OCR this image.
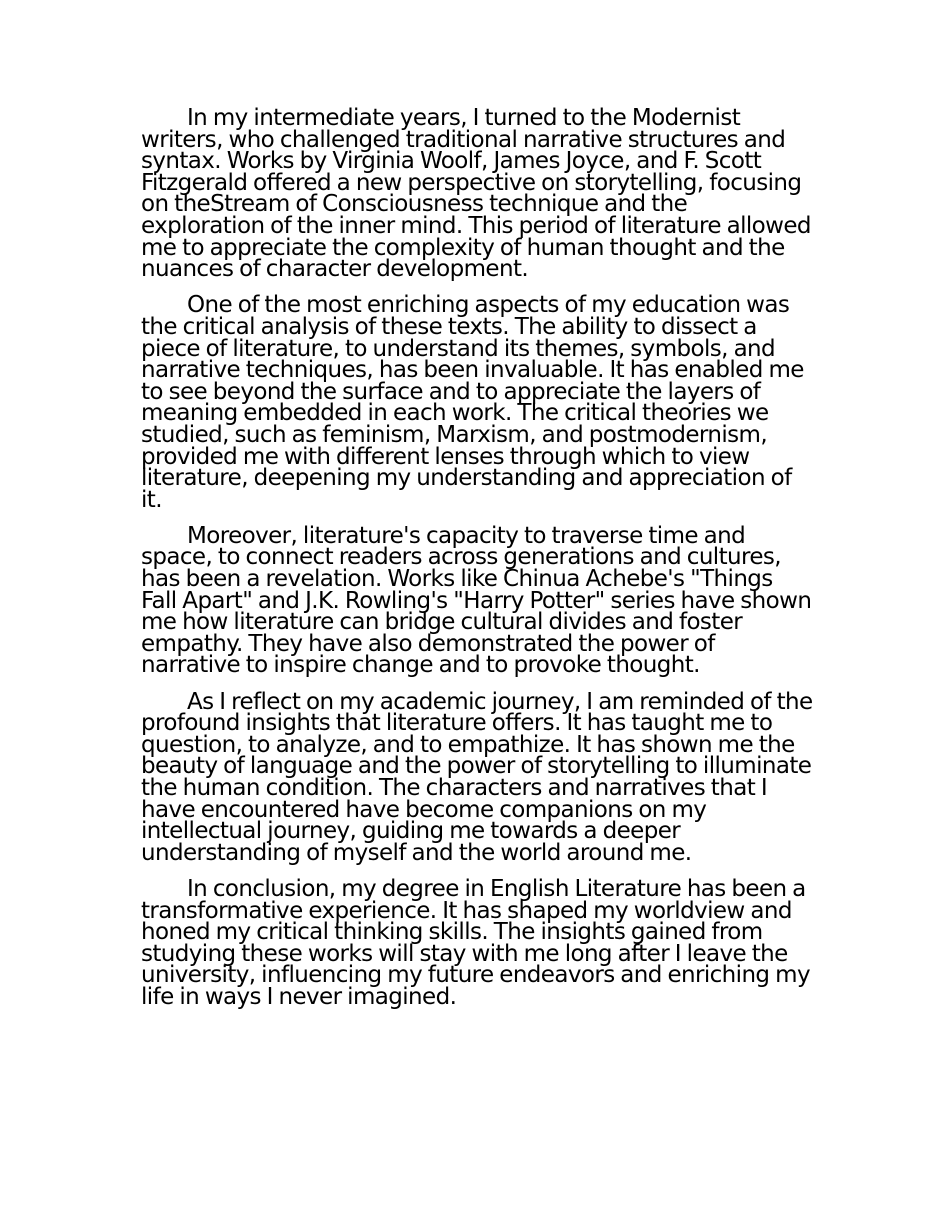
In my intermediate years, I turned to the Modernist writers, who challenged traditional narrative structures and syntax. Works by Virginia Woolf, James Joyce, and F. Scott Fitzgerald offered a new perspective on storytelling, focusing on theStream of Consciousness technique and the exploration of the inner mind. This period of literature allowed me to appreciate the complexity of human thought and the nuances of character development.

One of the most enriching aspects of my education was the critical analysis of these texts. The ability to dissect a piece of literature, to understand its themes, symbols, and narrative techniques, has been invaluable. It has enabled me to see beyond the surface and to appreciate the layers of meaning embedded in each work. The critical theories we studied, such as feminism, Marxism, and postmodernism, provided me with different lenses through which to view literature, deepening my understanding and appreciation of it.

Moreover, literature's capacity to traverse time and space, to connect readers across generations and cultures, has been a revelation. Works like Chinua Achebe's "Things Fall Apart" and J.K. Rowling's "Harry Potter" series have shown me how literature can bridge cultural divides and foster empathy. They have also demonstrated the power of narrative to inspire change and to provoke thought.

As I reflect on my academic journey, I am reminded of the profound insights that literature offers. It has taught me to question, to analyze, and to empathize. It has shown me the beauty of language and the power of storytelling to illuminate the human condition. The characters and narratives that I have encountered have become companions on my intellectual journey, guiding me towards a deeper understanding of myself and the world around me.

In conclusion, my degree in English Literature has been a transformative experience. It has shaped my worldview and honed my critical thinking skills. The insights gained from studying these works will stay with me long after I leave the university, influencing my future endeavors and enriching my life in ways I never imagined.
